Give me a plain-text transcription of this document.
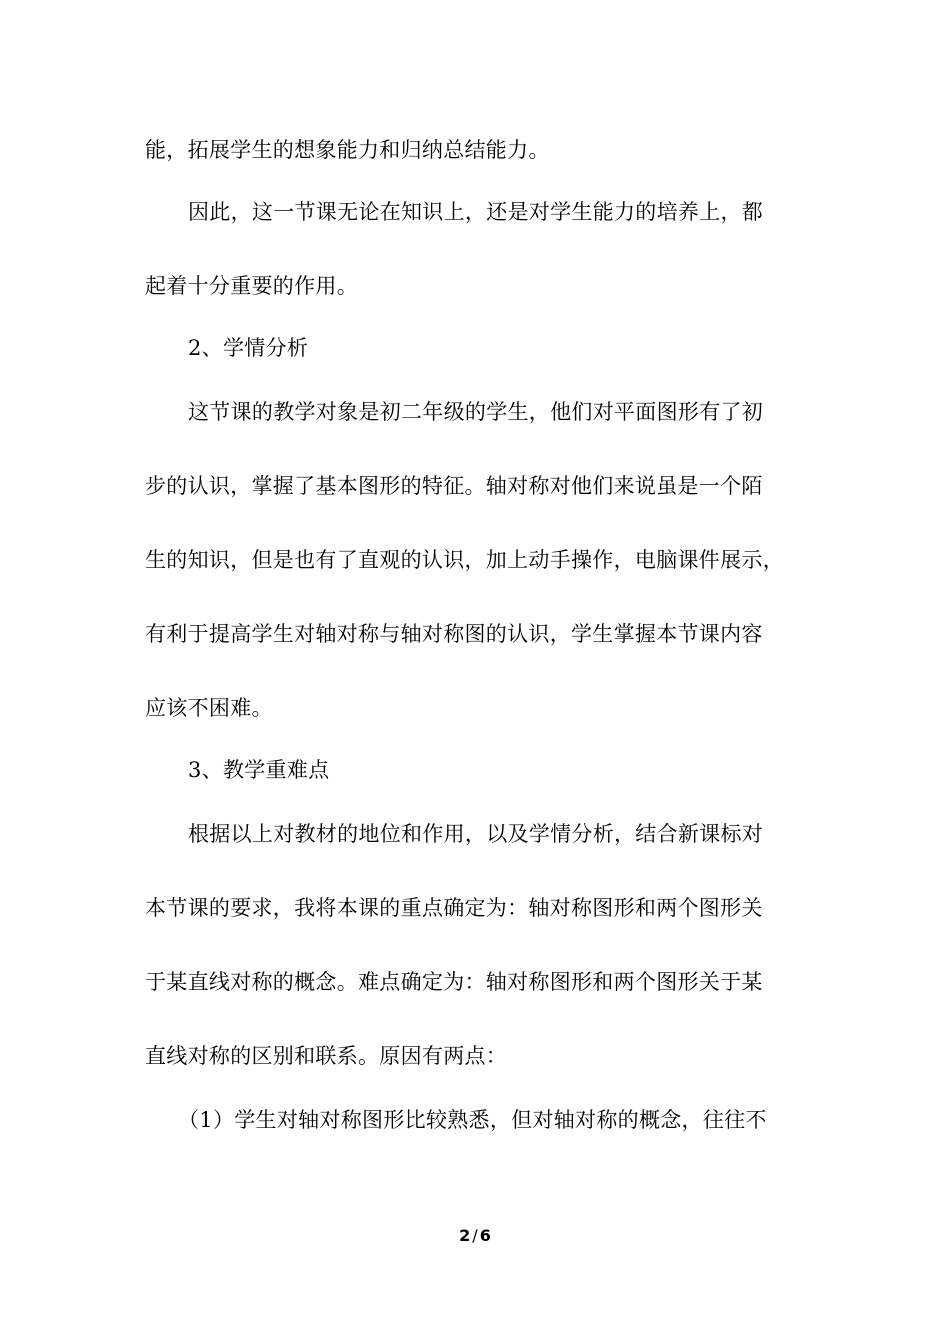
能，拓展学生的想象能力和归纳总结能力。
因此，这一节课无论在知识上，还是对学生能力的培养上，都
起着十分重要的作用。
2、学情分析
这节课的教学对象是初二年级的学生，他们对平面图形有了初
步的认识，掌握了基本图形的特征。轴对称对他们来说虽是一个陌
生的知识，但是也有了直观的认识，加上动手操作，电脑课件展示，
有利于提高学生对轴对称与轴对称图的认识，学生掌握本节课内容
应该不困难。
3、教学重难点
根据以上对教材的地位和作用，以及学情分析，结合新课标对
本节课的要求，我将本课的重点确定为：轴对称图形和两个图形关
于某直线对称的概念。难点确定为：轴对称图形和两个图形关于某
直线对称的区别和联系。原因有两点：
（1）学生对轴对称图形比较熟悉，但对轴对称的概念，往往不
2 / 6
